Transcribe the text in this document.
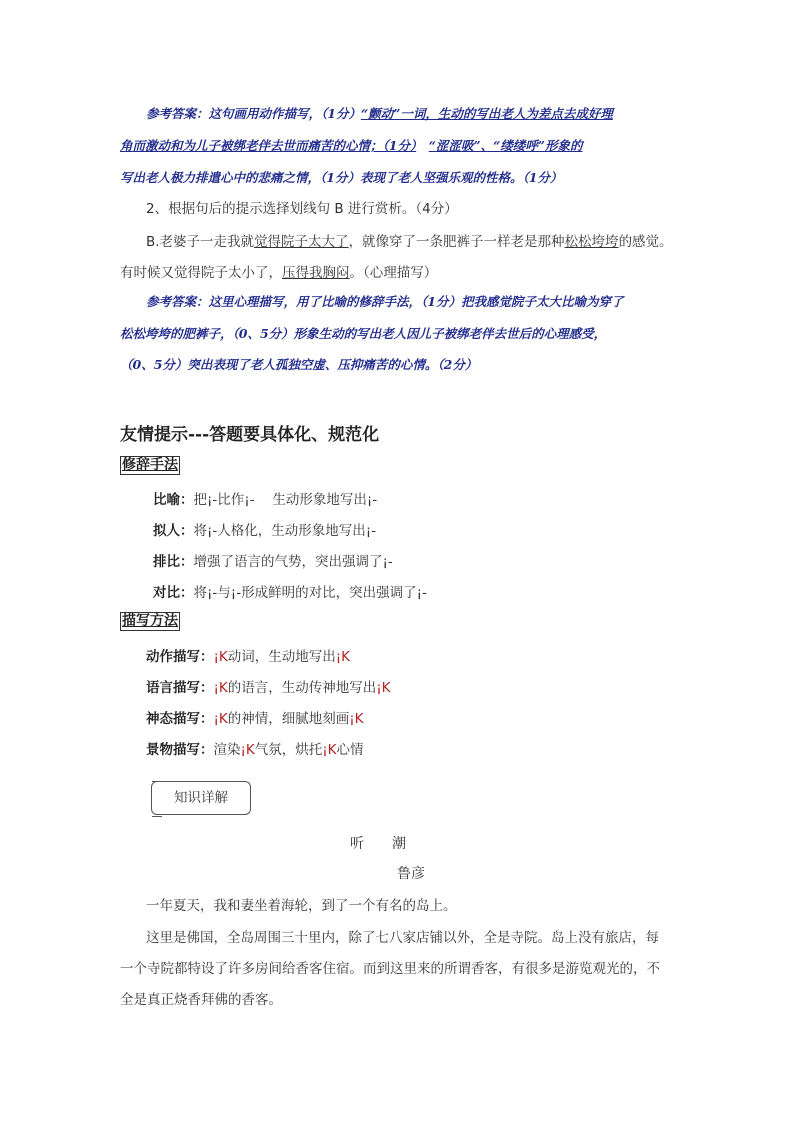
参考答案：这句画用动作描写，（1分）“颤动”一词，生动的写出老人为差点去成好理
角而激动和为儿子被绑老伴去世而痛苦的心情；（1分）　 “涩涩吸”、“缕缕呼”形象的
写出老人极力排遣心中的悲痛之情，（1分）表现了老人坚强乐观的性格。（1分）
2、根据句后的提示选择划线句 B 进行赏析。（4分）
B.老婆子一走我就觉得院子太大了，就像穿了一条肥裤子一样老是那种松松垮垮的感觉。
有时候又觉得院子太小了，压得我胸闷。（心理描写）
参考答案：这里心理描写，用了比喻的修辞手法，（1分）把我感觉院子太大比喻为穿了
松松垮垮的肥裤子，（0、5分）形象生动的写出老人因儿子被绑老伴去世后的心理感受，
（0、5分）突出表现了老人孤独空虚、压抑痛苦的心情。（2分）
友情提示---答题要具体化、规范化
修辞手法
比喻：把¡-比作¡-　 生动形象地写出¡-
拟人：将¡-人格化，生动形象地写出¡-
排比：增强了语言的气势，突出强调了¡-
对比：将¡-与¡-形成鲜明的对比，突出强调了¡-
描写方法
动作描写：¡K动词，生动地写出¡K
语言描写：¡K的语言，生动传神地写出¡K
神态描写：¡K的神情，细腻地刻画¡K
景物描写：渲染¡K气氛，烘托¡K心情
知识详解
听　　潮
鲁彦
一年夏天，我和妻坐着海轮，到了一个有名的岛上。
这里是佛国，全岛周围三十里内，除了七八家店铺以外，全是寺院。岛上没有旅店，每
一个寺院都特设了许多房间给香客住宿。而到这里来的所谓香客，有很多是游览观光的，不
全是真正烧香拜佛的香客。
